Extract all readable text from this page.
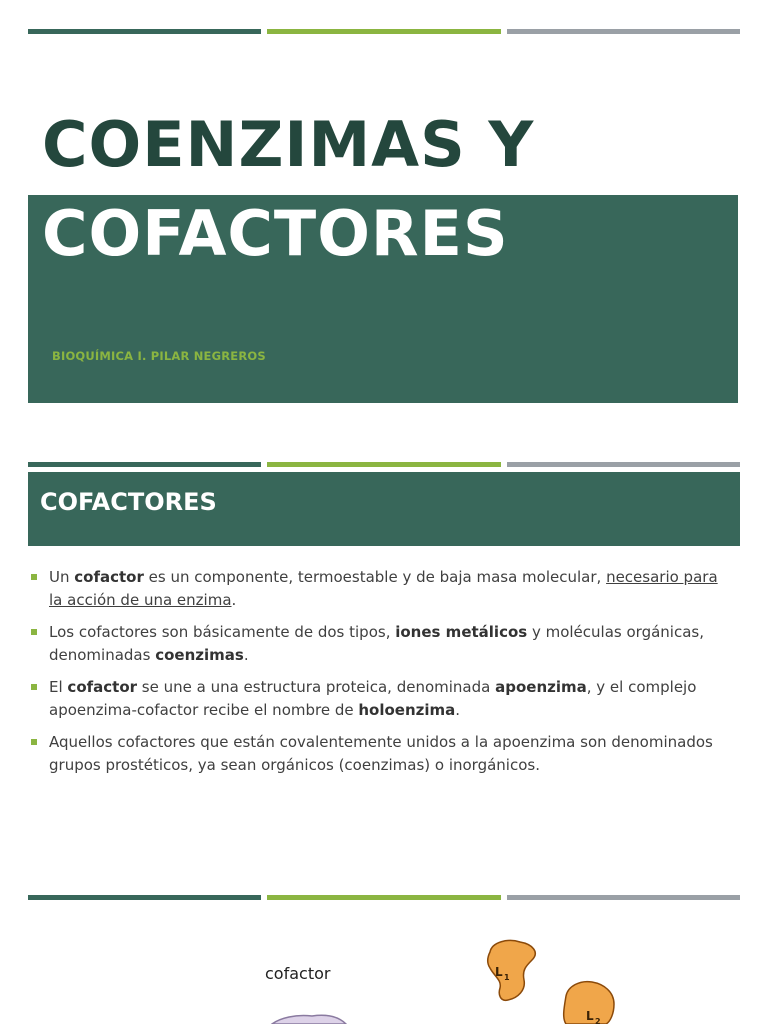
COENZIMAS Y
COFACTORES
BIOQUÍMICA I. PILAR NEGREROS
COFACTORES
Un cofactor es un componente, termoestable y de baja masa molecular, necesario para la acción de una enzima.
Los cofactores son básicamente de dos tipos, iones metálicos y moléculas orgánicas, denominadas coenzimas.
El cofactor se une a una estructura proteica, denominada apoenzima, y el complejo apoenzima-cofactor recibe el nombre de holoenzima.
Aquellos cofactores que están covalentemente unidos a la apoenzima son denominados grupos prostéticos, ya sean orgánicos (coenzimas) o inorgánicos.
cofactor	L 1
L 2
